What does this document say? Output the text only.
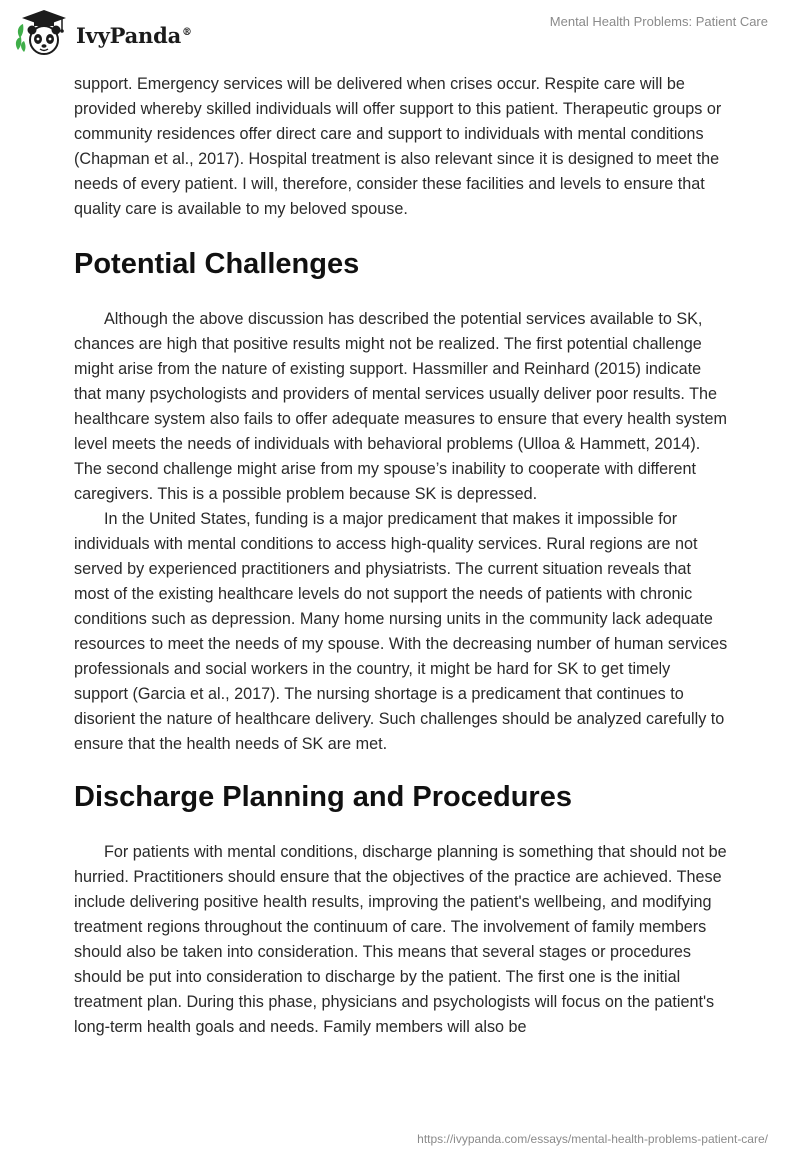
IvyPanda®
Mental Health Problems: Patient Care

support. Emergency services will be delivered when crises occur. Respite care will be provided whereby skilled individuals will offer support to this patient. Therapeutic groups or community residences offer direct care and support to individuals with mental conditions (Chapman et al., 2017). Hospital treatment is also relevant since it is designed to meet the needs of every patient. I will, therefore, consider these facilities and levels to ensure that quality care is available to my beloved spouse.

Potential Challenges

Although the above discussion has described the potential services available to SK, chances are high that positive results might not be realized. The first potential challenge might arise from the nature of existing support. Hassmiller and Reinhard (2015) indicate that many psychologists and providers of mental services usually deliver poor results. The healthcare system also fails to offer adequate measures to ensure that every health system level meets the needs of individuals with behavioral problems (Ulloa & Hammett, 2014). The second challenge might arise from my spouse’s inability to cooperate with different caregivers. This is a possible problem because SK is depressed.

In the United States, funding is a major predicament that makes it impossible for individuals with mental conditions to access high-quality services. Rural regions are not served by experienced practitioners and physiatrists. The current situation reveals that most of the existing healthcare levels do not support the needs of patients with chronic conditions such as depression. Many home nursing units in the community lack adequate resources to meet the needs of my spouse. With the decreasing number of human services professionals and social workers in the country, it might be hard for SK to get timely support (Garcia et al., 2017). The nursing shortage is a predicament that continues to disorient the nature of healthcare delivery. Such challenges should be analyzed carefully to ensure that the health needs of SK are met.

Discharge Planning and Procedures

For patients with mental conditions, discharge planning is something that should not be hurried. Practitioners should ensure that the objectives of the practice are achieved. These include delivering positive health results, improving the patient's wellbeing, and modifying treatment regions throughout the continuum of care. The involvement of family members should also be taken into consideration. This means that several stages or procedures should be put into consideration to discharge by the patient. The first one is the initial treatment plan. During this phase, physicians and psychologists will focus on the patient's long-term health goals and needs. Family members will also be

https://ivypanda.com/essays/mental-health-problems-patient-care/
